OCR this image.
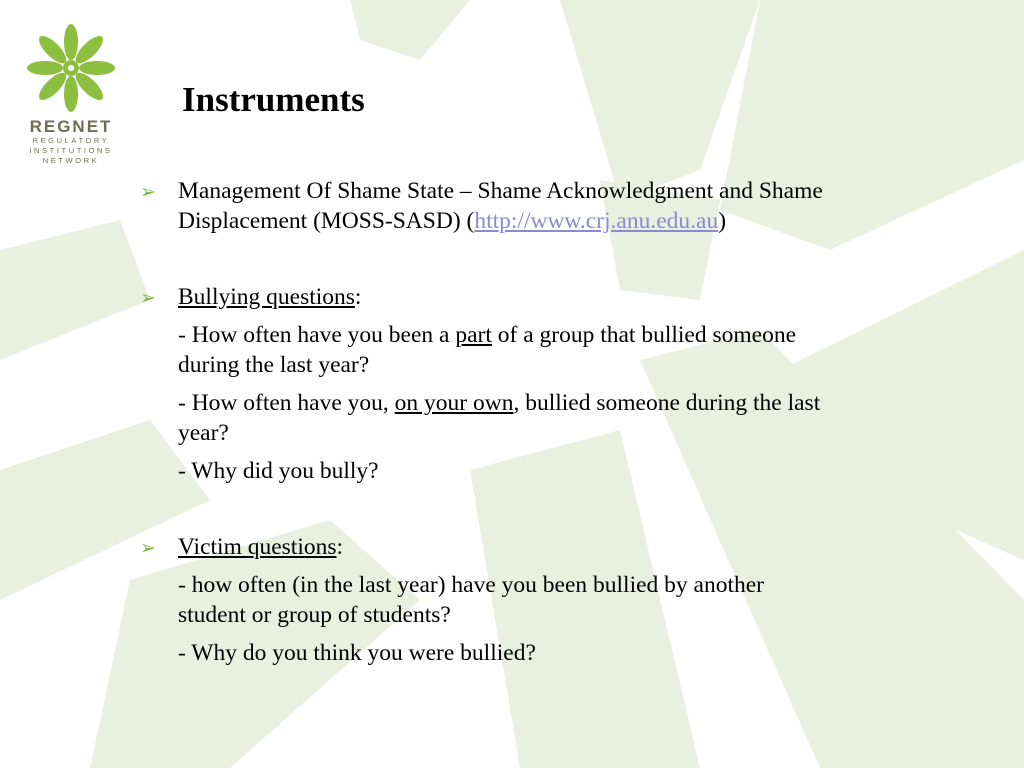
REGNET
REGULATORY
INSTITUTIONS
NETWORK
Instruments
➢ Management Of Shame State – Shame Acknowledgment and Shame
Displacement (MOSS-SASD) (http://www.crj.anu.edu.au)
➢ Bullying questions:
- How often have you been a part of a group that bullied someone
during the last year?
- How often have you, on your own, bullied someone during the last
year?
- Why did you bully?
➢ Victim questions:
- how often (in the last year) have you been bullied by another
student or group of students?
- Why do you think you were bullied?
